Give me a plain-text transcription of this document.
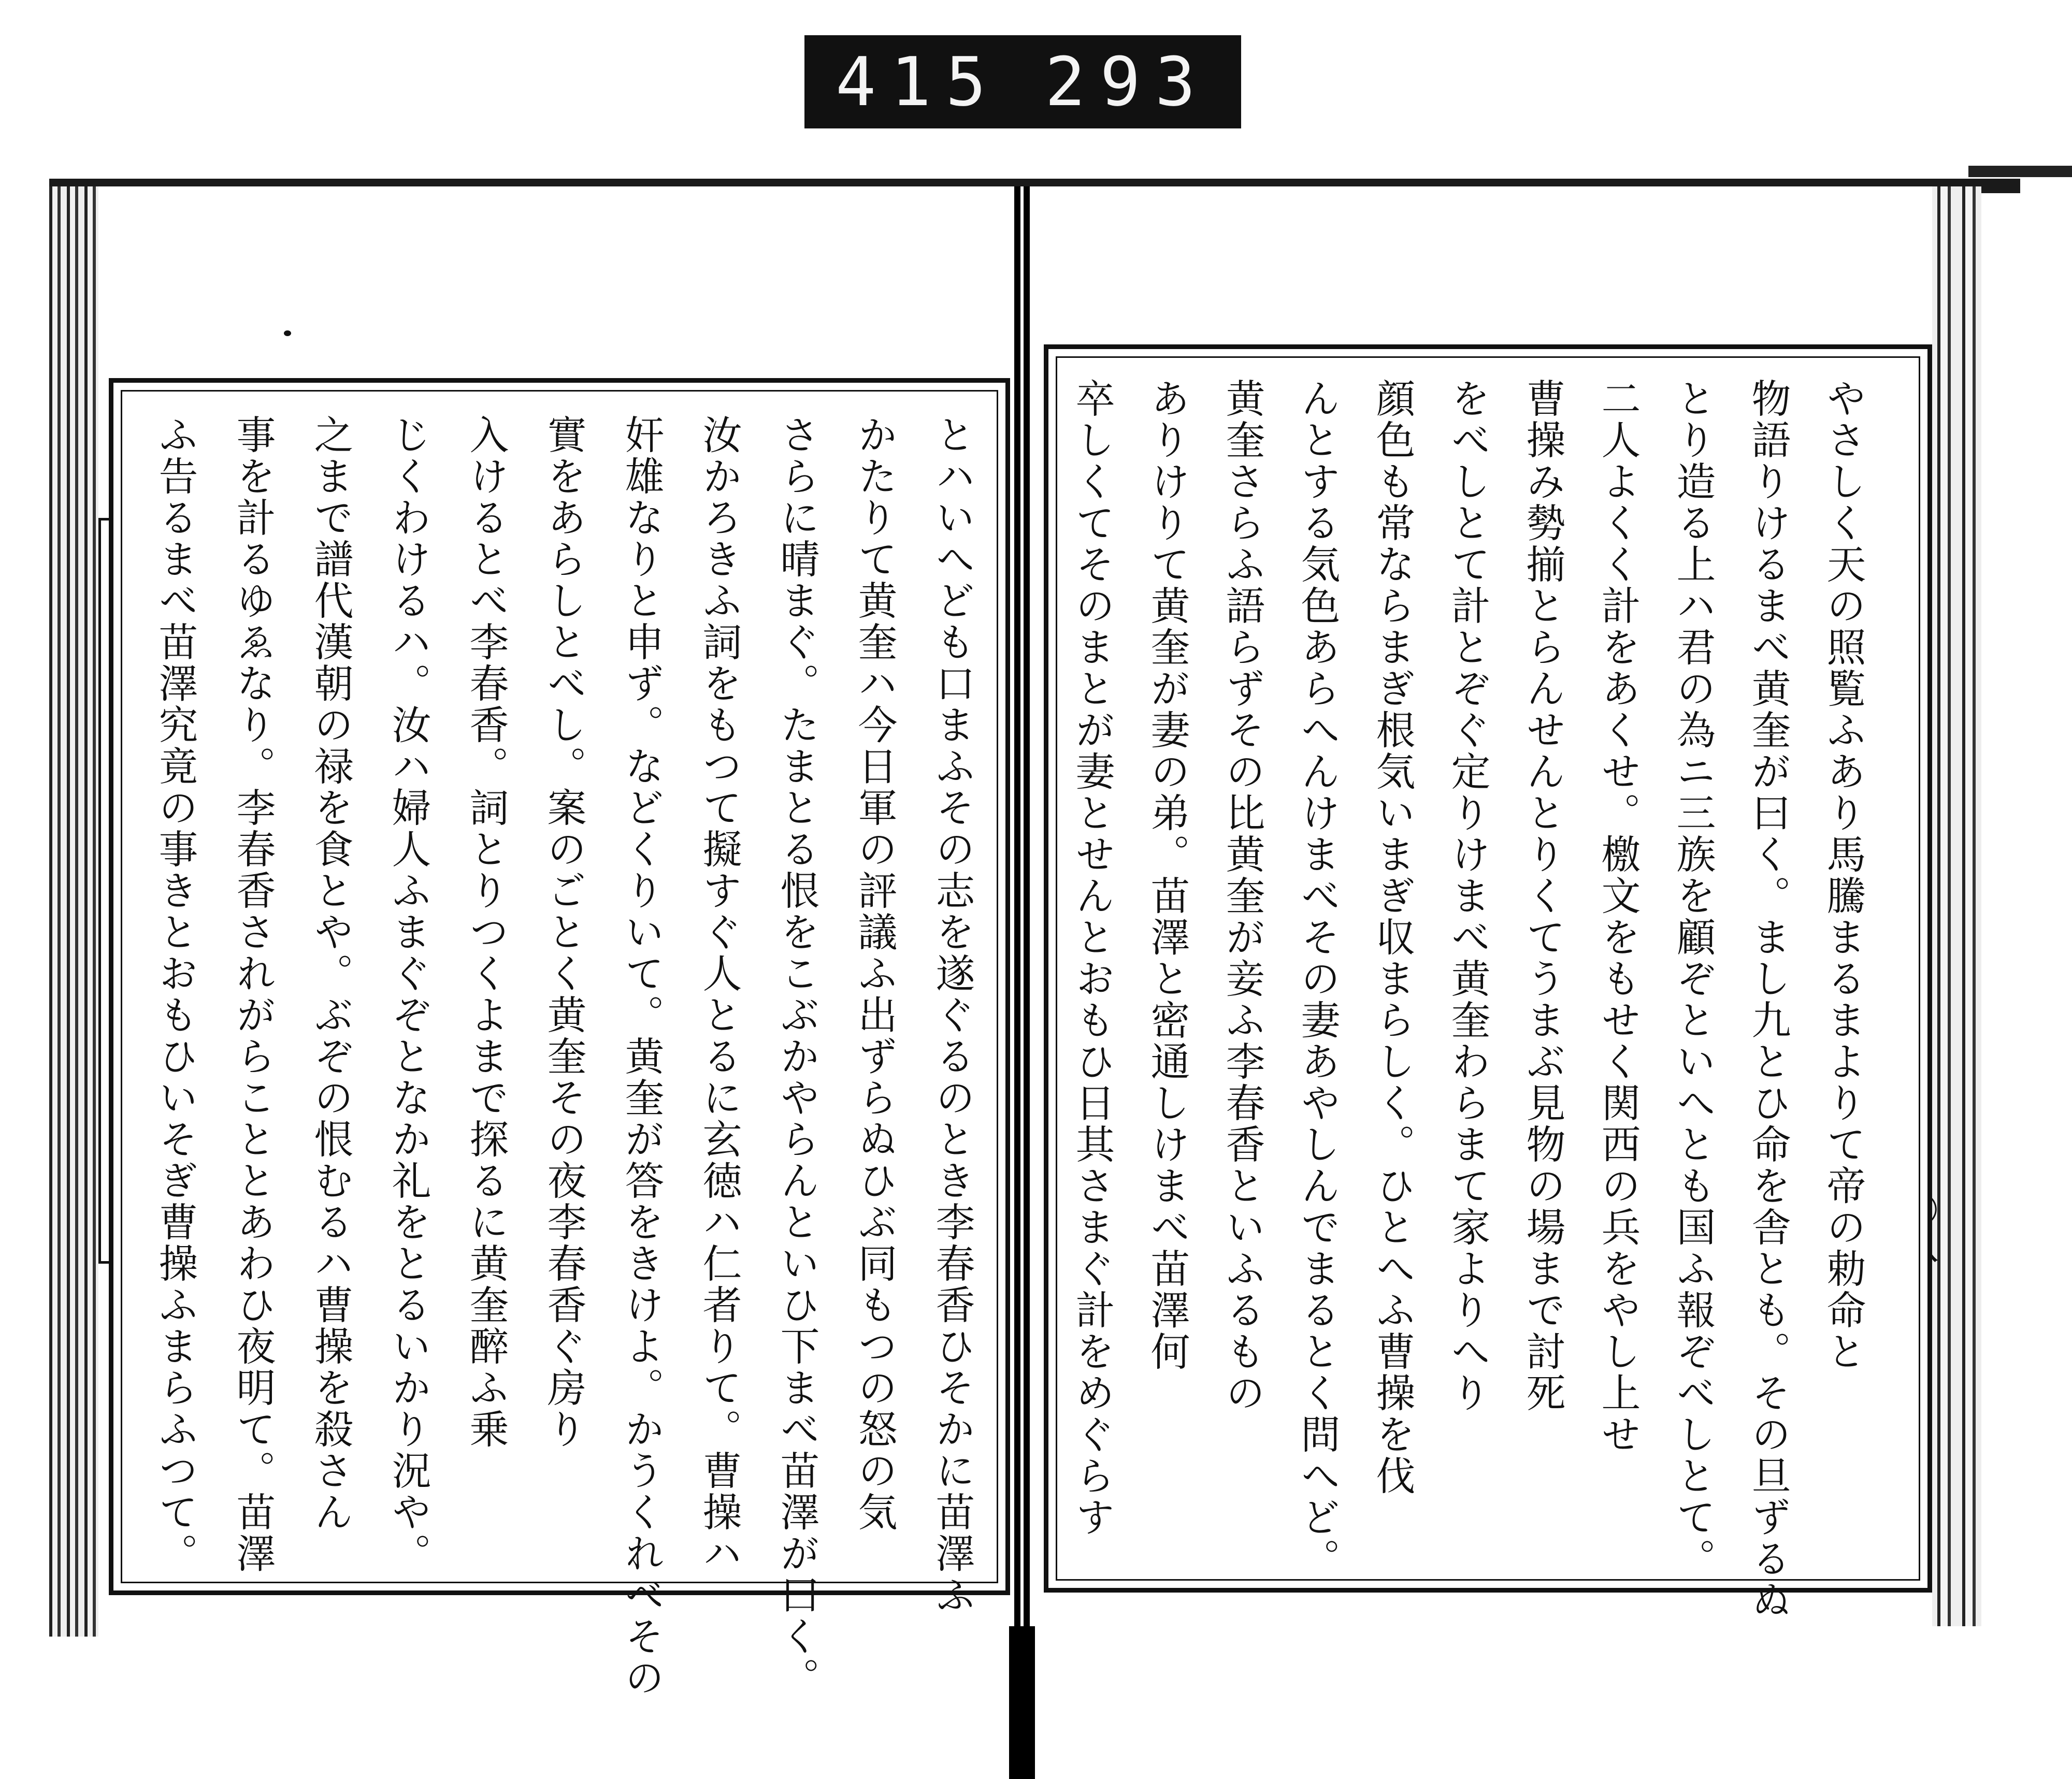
415 293
とハいへども口まふその志を遂ぐるのとき李春香ひそかに苗澤ふ
かたりて黄奎ハ今日軍の評議ふ出ずらぬひぶ同もつの怒の気
さらに晴まぐ。たまとる恨をこぶかやらんといひ下まべ苗澤が曰く。
汝かろきふ詞をもつて擬すぐ人とるに玄徳ハ仁者りて。曹操ハ
奸雄なりと申ず。などくりいて。黄奎が答をきけよ。かうくれべその
實をあらしとべし。案のごとく黄奎その夜李春香ぐ房り
入けるとべ李春香。詞とりつくよまで探るに黄奎醉ふ乗
じくわけるハ。汝ハ婦人ふまぐぞとなか礼をとるいかり況や。
之まで譜代漢朝の禄を食とや。ぶぞの恨むるハ曹操を殺さん
事を計るゆゑなり。李春香されがらこととあわひ夜明て。苗澤
ふ告るまべ苗澤究竟の事きとおもひいそぎ曹操ふまらふつて。	やさしく天の照覧ふあり馬騰まるまよりて帝の勅命と
物語りけるまべ黄奎が曰く。まし九とひ命を舎とも。その旦ずるぬ
とり造る上ハ君の為ニ三族を顧ぞといへとも国ふ報ぞべしとて。
二人よくく計をあくせ。檄文をもせく関西の兵をやし上せ
曹操み勢揃とらんせんとりくてうまぶ見物の場まで討死
をべしとて計とぞぐ定りけまべ黄奎わらまて家よりへり
顔色も常ならまぎ根気いまぎ収まらしく。ひとへふ曹操を伐
んとする気色あらへんけまべその妻あやしんでまるとく問へど。
黄奎さらふ語らずその比黄奎が妾ふ李春香といふるもの
ありけりて黄奎が妻の弟。苗澤と密通しけまべ苗澤何
卒しくてそのまとが妻とせんとおもひ日其さまぐ計をめぐらす
